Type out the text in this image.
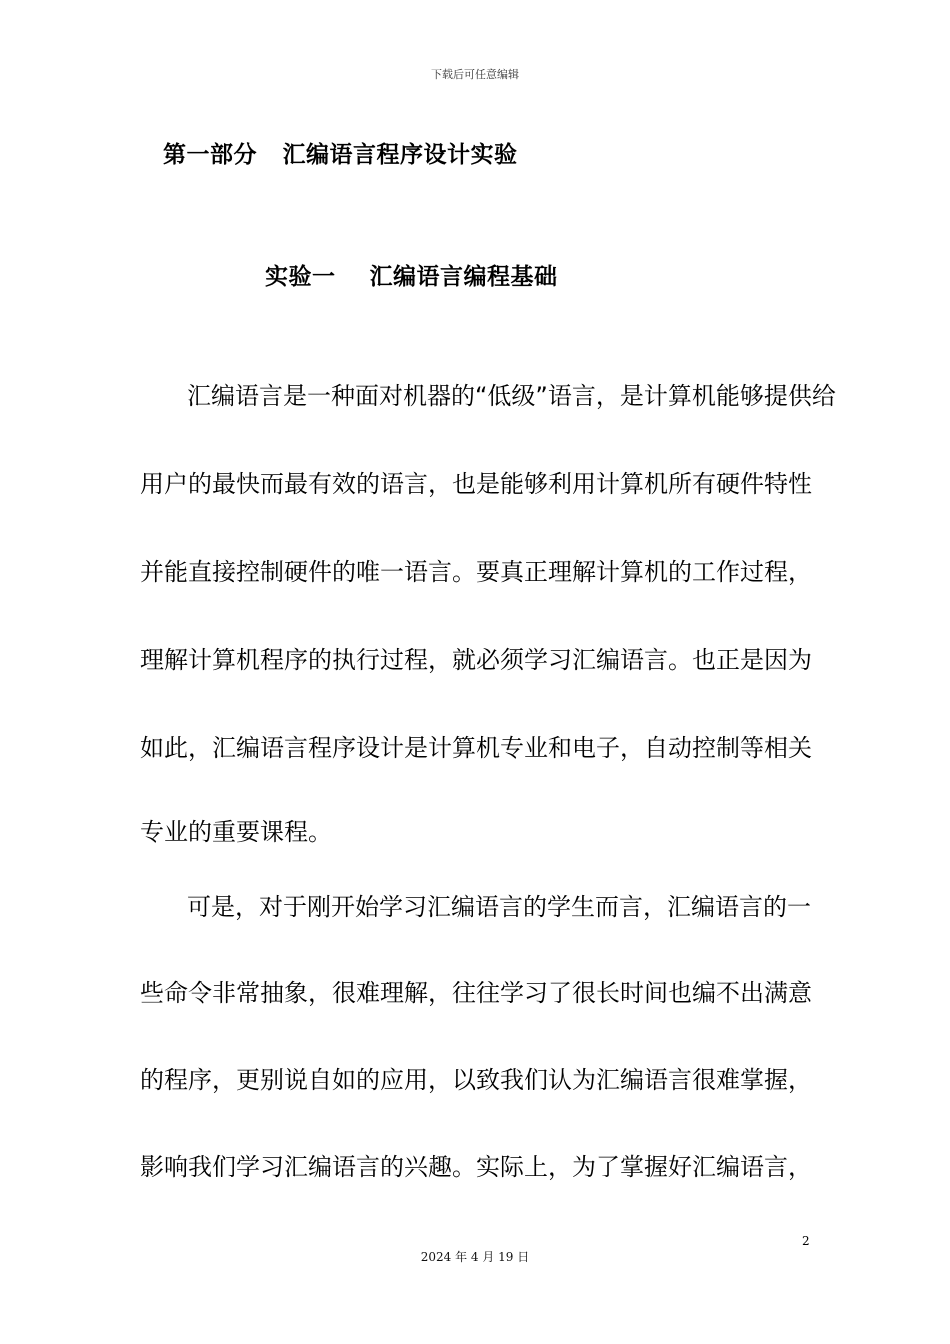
下载后可任意编辑
第一部分   汇编语言程序设计实验
实验一    汇编语言编程基础
汇编语言是一种面对机器的“低级”语言，是计算机能够提供给
用户的最快而最有效的语言，也是能够利用计算机所有硬件特性
并能直接控制硬件的唯一语言。要真正理解计算机的工作过程，
理解计算机程序的执行过程，就必须学习汇编语言。也正是因为
如此，汇编语言程序设计是计算机专业和电子，自动控制等相关
专业的重要课程。
可是，对于刚开始学习汇编语言的学生而言，汇编语言的一
些命令非常抽象，很难理解，往往学习了很长时间也编不出满意
的程序，更别说自如的应用，以致我们认为汇编语言很难掌握，
影响我们学习汇编语言的兴趣。实际上，为了掌握好汇编语言，
2
2024 年 4 月 19 日
